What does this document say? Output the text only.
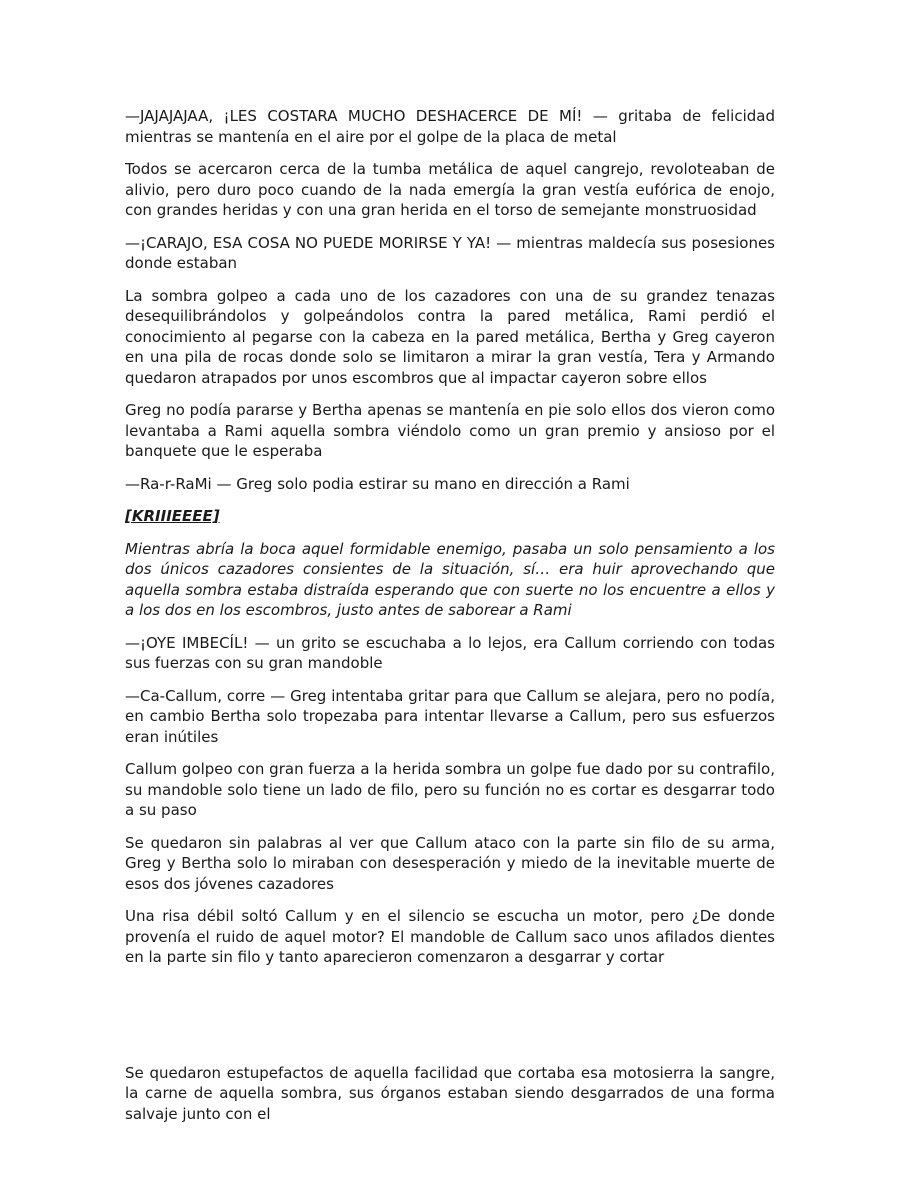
—JAJAJAJAA, ¡LES COSTARA MUCHO DESHACERCE DE MÍ! — gritaba de felicidad mientras se mantenía en el aire por el golpe de la placa de metal

Todos se acercaron cerca de la tumba metálica de aquel cangrejo, revoloteaban de alivio, pero duro poco cuando de la nada emergía la gran vestía eufórica de enojo, con grandes heridas y con una gran herida en el torso de semejante monstruosidad

—¡CARAJO, ESA COSA NO PUEDE MORIRSE Y YA! — mientras maldecía sus posesiones donde estaban

La sombra golpeo a cada uno de los cazadores con una de su grandez tenazas desequilibrándolos y golpeándolos contra la pared metálica, Rami perdió el conocimiento al pegarse con la cabeza en la pared metálica, Bertha y Greg cayeron en una pila de rocas donde solo se limitaron a mirar la gran vestía, Tera y Armando quedaron atrapados por unos escombros que al impactar cayeron sobre ellos

Greg no podía pararse y Bertha apenas se mantenía en pie solo ellos dos vieron como levantaba a Rami aquella sombra viéndolo como un gran premio y ansioso por el banquete que le esperaba

—Ra-r-RaMi — Greg solo podia estirar su mano en dirección a Rami

[KRIIIEEEE]

Mientras abría la boca aquel formidable enemigo, pasaba un solo pensamiento a los dos únicos cazadores consientes de la situación, sí… era huir aprovechando que aquella sombra estaba distraída esperando que con suerte no los encuentre a ellos y a los dos en los escombros, justo antes de saborear a Rami

—¡OYE IMBECÍL! — un grito se escuchaba a lo lejos, era Callum corriendo con todas sus fuerzas con su gran mandoble

—Ca-Callum, corre — Greg intentaba gritar para que Callum se alejara, pero no podía, en cambio Bertha solo tropezaba para intentar llevarse a Callum, pero sus esfuerzos eran inútiles

Callum golpeo con gran fuerza a la herida sombra un golpe fue dado por su contrafilo, su mandoble solo tiene un lado de filo, pero su función no es cortar es desgarrar todo a su paso

Se quedaron sin palabras al ver que Callum ataco con la parte sin filo de su arma, Greg y Bertha solo lo miraban con desesperación y miedo de la inevitable muerte de esos dos jóvenes cazadores

Una risa débil soltó Callum y en el silencio se escucha un motor, pero ¿De donde provenía el ruido de aquel motor? El mandoble de Callum saco unos afilados dientes en la parte sin filo y tanto aparecieron comenzaron a desgarrar y cortar

Se quedaron estupefactos de aquella facilidad que cortaba esa motosierra la sangre, la carne de aquella sombra, sus órganos estaban siendo desgarrados de una forma salvaje junto con el
